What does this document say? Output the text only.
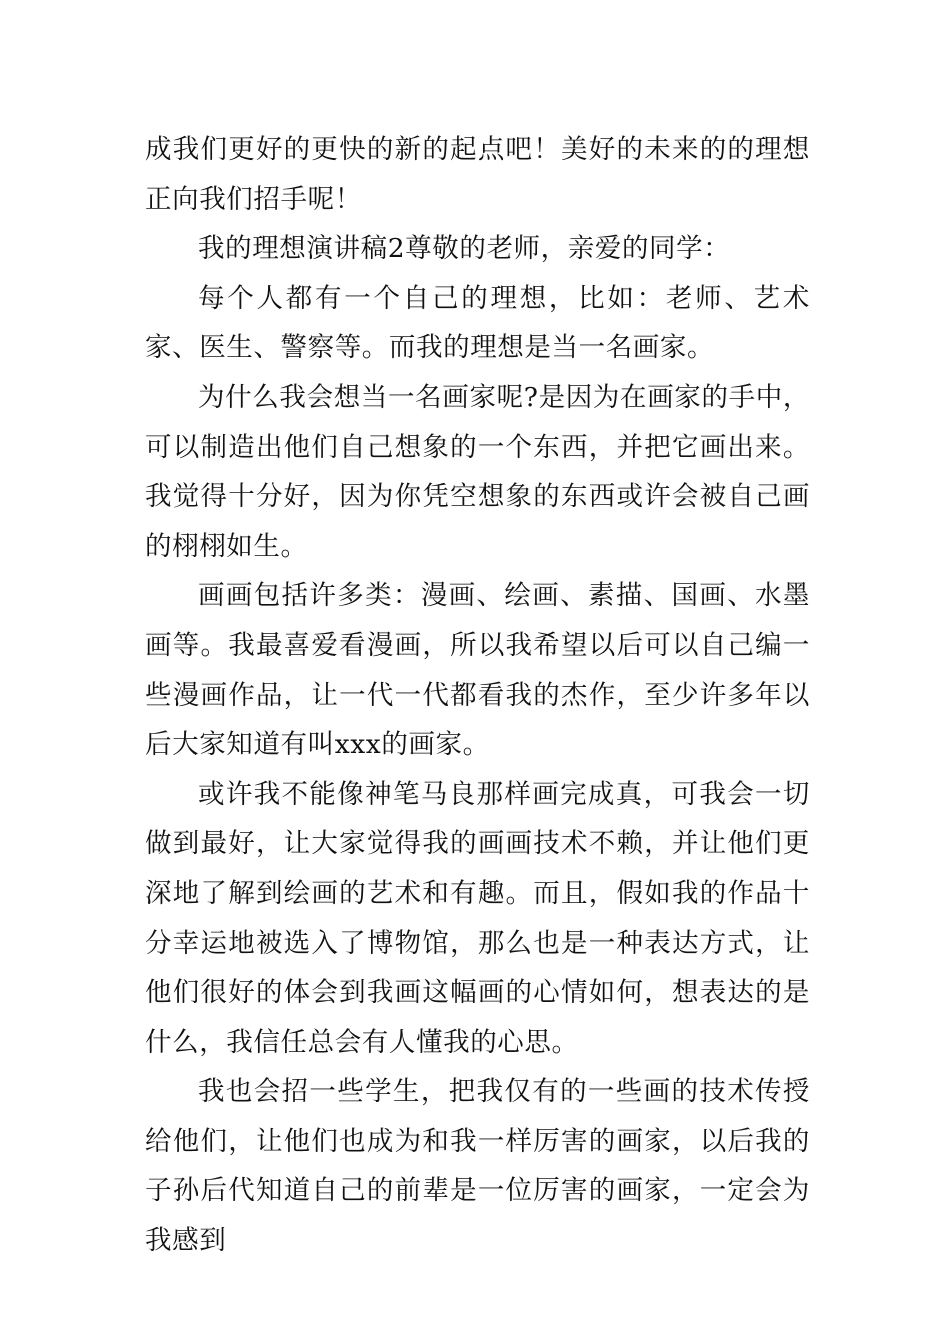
成我们更好的更快的新的起点吧！美好的未来的的理想正向我们招手呢！

我的理想演讲稿2尊敬的老师，亲爱的同学：

每个人都有一个自己的理想，比如：老师、艺术家、医生、警察等。而我的理想是当一名画家。

为什么我会想当一名画家呢?是因为在画家的手中，可以制造出他们自己想象的一个东西，并把它画出来。我觉得十分好，因为你凭空想象的东西或许会被自己画的栩栩如生。

画画包括许多类：漫画、绘画、素描、国画、水墨画等。我最喜爱看漫画，所以我希望以后可以自己编一些漫画作品，让一代一代都看我的杰作，至少许多年以后大家知道有叫xxx的画家。

或许我不能像神笔马良那样画完成真，可我会一切做到最好，让大家觉得我的画画技术不赖，并让他们更深地了解到绘画的艺术和有趣。而且，假如我的作品十分幸运地被选入了博物馆，那么也是一种表达方式，让他们很好的体会到我画这幅画的心情如何，想表达的是什么，我信任总会有人懂我的心思。

我也会招一些学生，把我仅有的一些画的技术传授给他们，让他们也成为和我一样厉害的画家，以后我的子孙后代知道自己的前辈是一位厉害的画家，一定会为我感到
